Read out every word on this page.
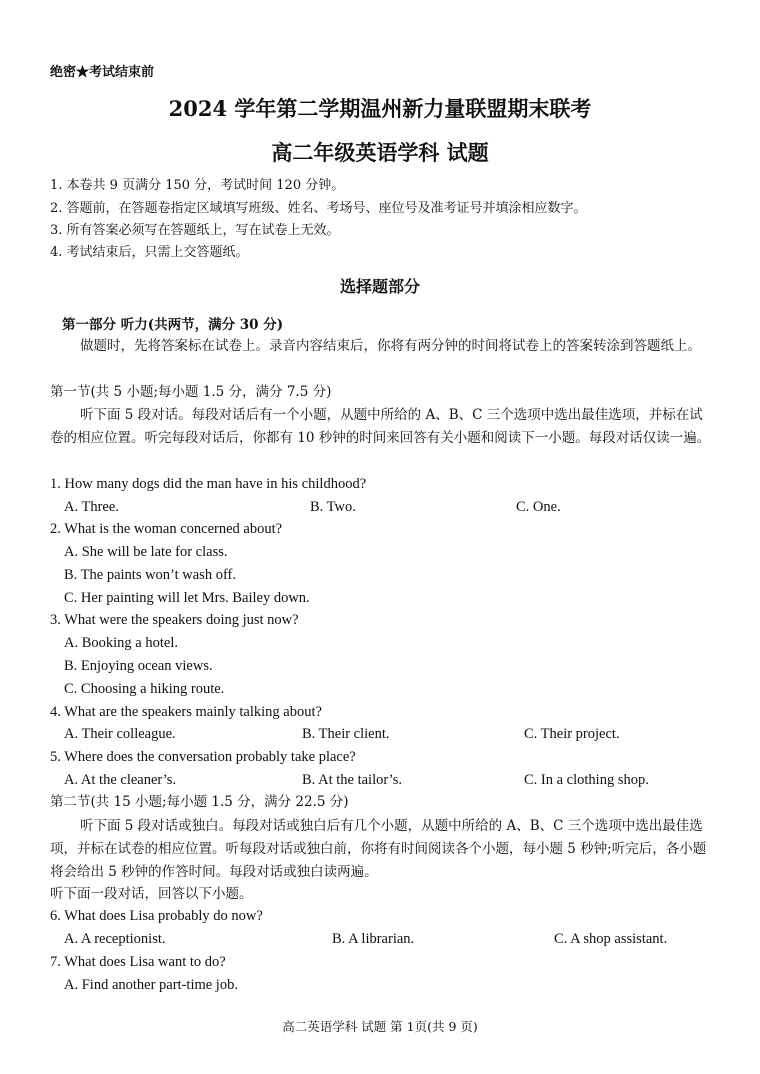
绝密★考试结束前
2024 学年第二学期温州新力量联盟期末联考
高二年级英语学科 试题
1. 本卷共 9 页满分 150 分，考试时间 120 分钟。
2. 答题前，在答题卷指定区域填写班级、姓名、考场号、座位号及准考证号并填涂相应数字。
3. 所有答案必须写在答题纸上，写在试卷上无效。
4. 考试结束后，只需上交答题纸。
选择题部分
第一部分 听力(共两节，满分 30 分)
做题时，先将答案标在试卷上。录音内容结束后，你将有两分钟的时间将试卷上的答案转涂到答题纸上。
第一节(共 5 小题;每小题 1.5 分，满分 7.5 分)
听下面 5 段对话。每段对话后有一个小题，从题中所给的 A、B、C 三个选项中选出最佳选项，并标在试卷的相应位置。听完每段对话后，你都有 10 秒钟的时间来回答有关小题和阅读下一小题。每段对话仅读一遍。
1. How many dogs did the man have in his childhood?
A. Three.	B. Two.	C. One.
2. What is the woman concerned about?
A. She will be late for class.
B. The paints won’t wash off.
C. Her painting will let Mrs. Bailey down.
3. What were the speakers doing just now?
A. Booking a hotel.
B. Enjoying ocean views.
C. Choosing a hiking route.
4. What are the speakers mainly talking about?
A. Their colleague.	B. Their client.	C. Their project.
5. Where does the conversation probably take place?
A. At the cleaner’s.	B. At the tailor’s.	C. In a clothing shop.
第二节(共 15 小题;每小题 1.5 分，满分 22.5 分)
听下面 5 段对话或独白。每段对话或独白后有几个小题，从题中所给的 A、B、C 三个选项中选出最佳选项，并标在试卷的相应位置。听每段对话或独白前，你将有时间阅读各个小题，每小题 5 秒钟;听完后，各小题将会给出 5 秒钟的作答时间。每段对话或独白读两遍。
听下面一段对话，回答以下小题。
6. What does Lisa probably do now?
A. A receptionist.	B. A librarian.	C. A shop assistant.
7. What does Lisa want to do?
A. Find another part-time job.
高二英语学科 试题 第 1页(共 9 页)
